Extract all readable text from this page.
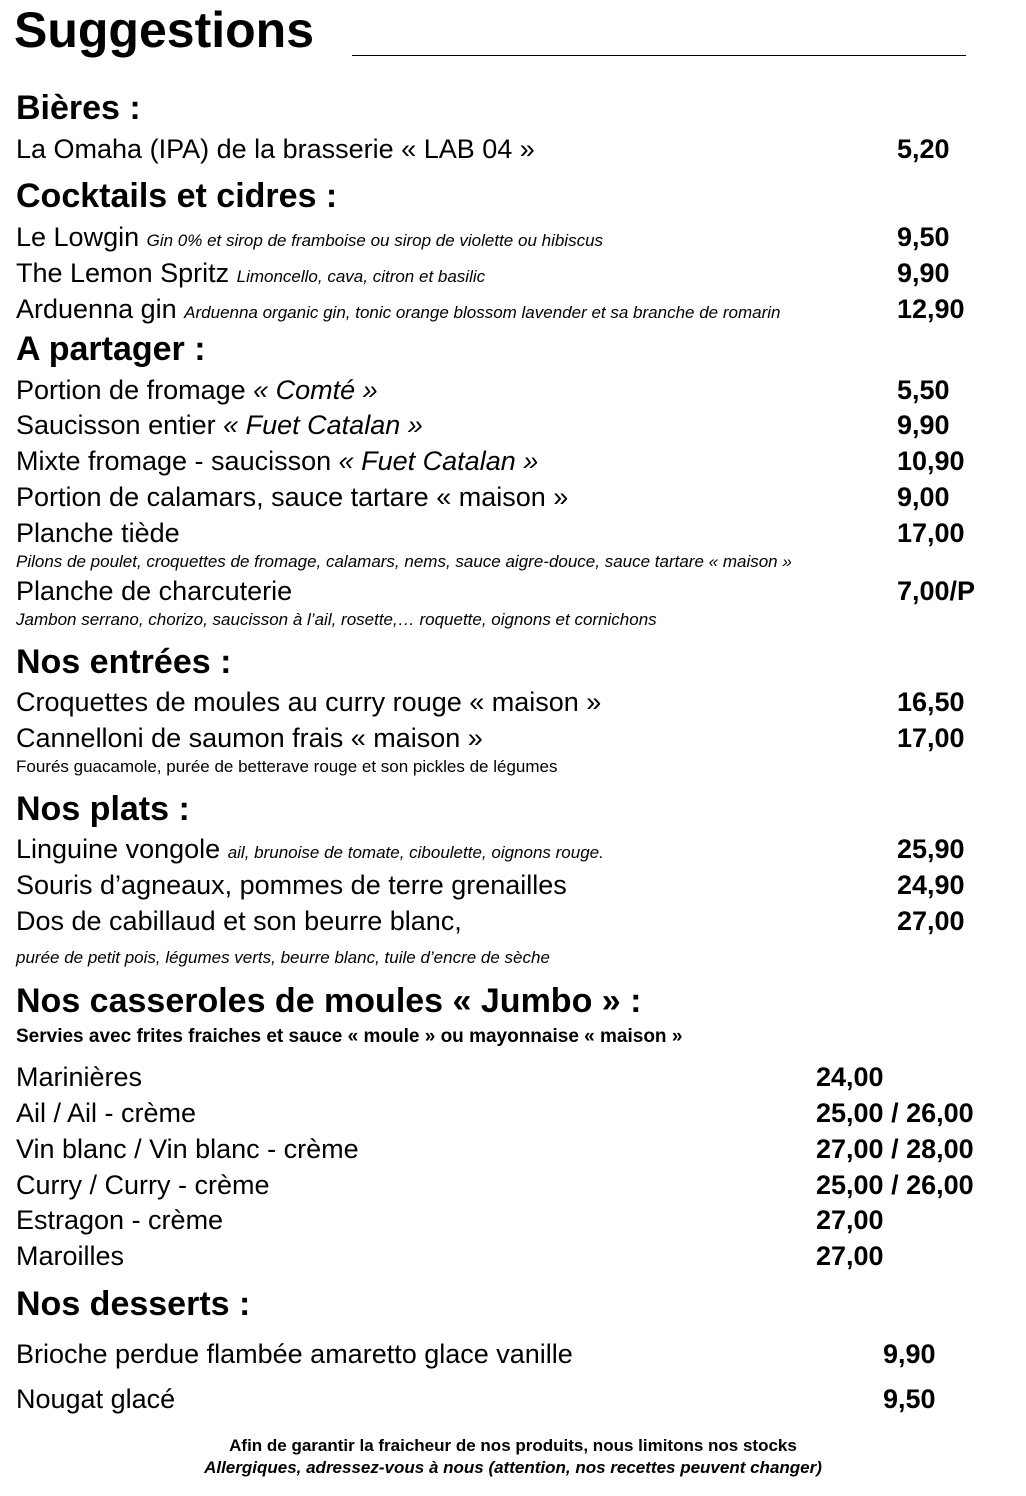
Suggestions
Bières :
La Omaha (IPA) de la brasserie « LAB 04 »	5,20
Cocktails et cidres :
Le Lowgin Gin 0% et sirop de framboise ou sirop de violette ou hibiscus	9,50
The Lemon Spritz Limoncello, cava, citron et basilic	9,90
Arduenna gin Arduenna organic gin, tonic orange blossom lavender et sa branche de romarin	12,90
A partager :
Portion de fromage « Comté »	5,50
Saucisson entier « Fuet Catalan »	9,90
Mixte fromage - saucisson « Fuet Catalan »	10,90
Portion de calamars, sauce tartare « maison »	9,00
Planche tiède	17,00
Pilons de poulet, croquettes de fromage, calamars, nems, sauce aigre-douce, sauce tartare « maison »
Planche de charcuterie	7,00/P
Jambon serrano, chorizo, saucisson à l’ail, rosette,… roquette, oignons et cornichons
Nos entrées :
Croquettes de moules au curry rouge « maison »	16,50
Cannelloni de saumon frais « maison »	17,00
Fourés guacamole, purée de betterave rouge et son pickles de légumes
Nos plats :
Linguine vongole ail, brunoise de tomate, ciboulette, oignons rouge.	25,90
Souris d’agneaux, pommes de terre grenailles	24,90
Dos de cabillaud et son beurre blanc,	27,00
purée de petit pois, légumes verts, beurre blanc, tuile d’encre de sèche
Nos casseroles de moules « Jumbo » :
Servies avec frites fraiches et sauce « moule » ou mayonnaise « maison »
Marinières	24,00
Ail / Ail - crème	25,00 / 26,00
Vin blanc / Vin blanc - crème	27,00 / 28,00
Curry / Curry - crème	25,00 / 26,00
Estragon - crème	27,00
Maroilles	27,00
Nos desserts :
Brioche perdue flambée amaretto glace vanille	9,90
Nougat glacé	9,50
Afin de garantir la fraicheur de nos produits, nous limitons nos stocks
Allergiques, adressez-vous à nous (attention, nos recettes peuvent changer)
